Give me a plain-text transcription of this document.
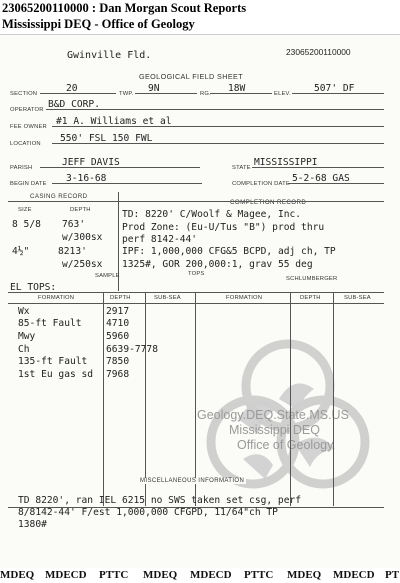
23065200110000 : Dan Morgan Scout Reports
Mississippi DEQ - Office of Geology
Geology.DEQ.State.MS.US
Mississippi DEQ
Office of Geology
Gwinville Fld.	23065200110000
GEOLOGICAL FIELD SHEET
SECTION	20	TWP. 9N	RG. 18W	ELEV. 507' DF
OPERATOR B&D CORP.
FEE OWNER #1 A. Williams et al
LOCATION 550' FSL 150 FWL
PARISH	JEFF DAVIS	STATE MISSISSIPPI
BEGIN DATE 3-16-68	COMPLETION DATE 5-2-68 GAS
CASING RECORD
COMPLETION RECORD
SIZE	DEPTH
8 5/8 763'
w/300sx
4½"	8213'
w/250sx
TD: 8220' C/Woolf & Magee, Inc.
Prod Zone: (Eu-U/Tus "B") prod thru
perf 8142-44'
IPF: 1,000,000 CFG&5 BCPD, adj ch, TP
1325#, GOR 200,000:1, grav 55 deg
SAMPLE	TOPS
SCHLUMBERGER
EL TOPS:
FORMATION	DEPTH	SUB-SEA	FORMATION	DEPTH	SUB-SEA
Wx	2917
85-ft Fault	4710
Mwy	5960
Ch	6639-7778
135-ft Fault 7850
1st Eu gas sd 7968
MISCELLANEOUS INFORMATION
TD 8220', ran IEL 6215 no SWS taken set csg, perf
8/8142-44' F/est 1,000,000 CFGPD, 11/64"ch TP
1380#
MDEQ MDECD PTTC MDEQ MDECD PTTC MDEQ MDECD PT
